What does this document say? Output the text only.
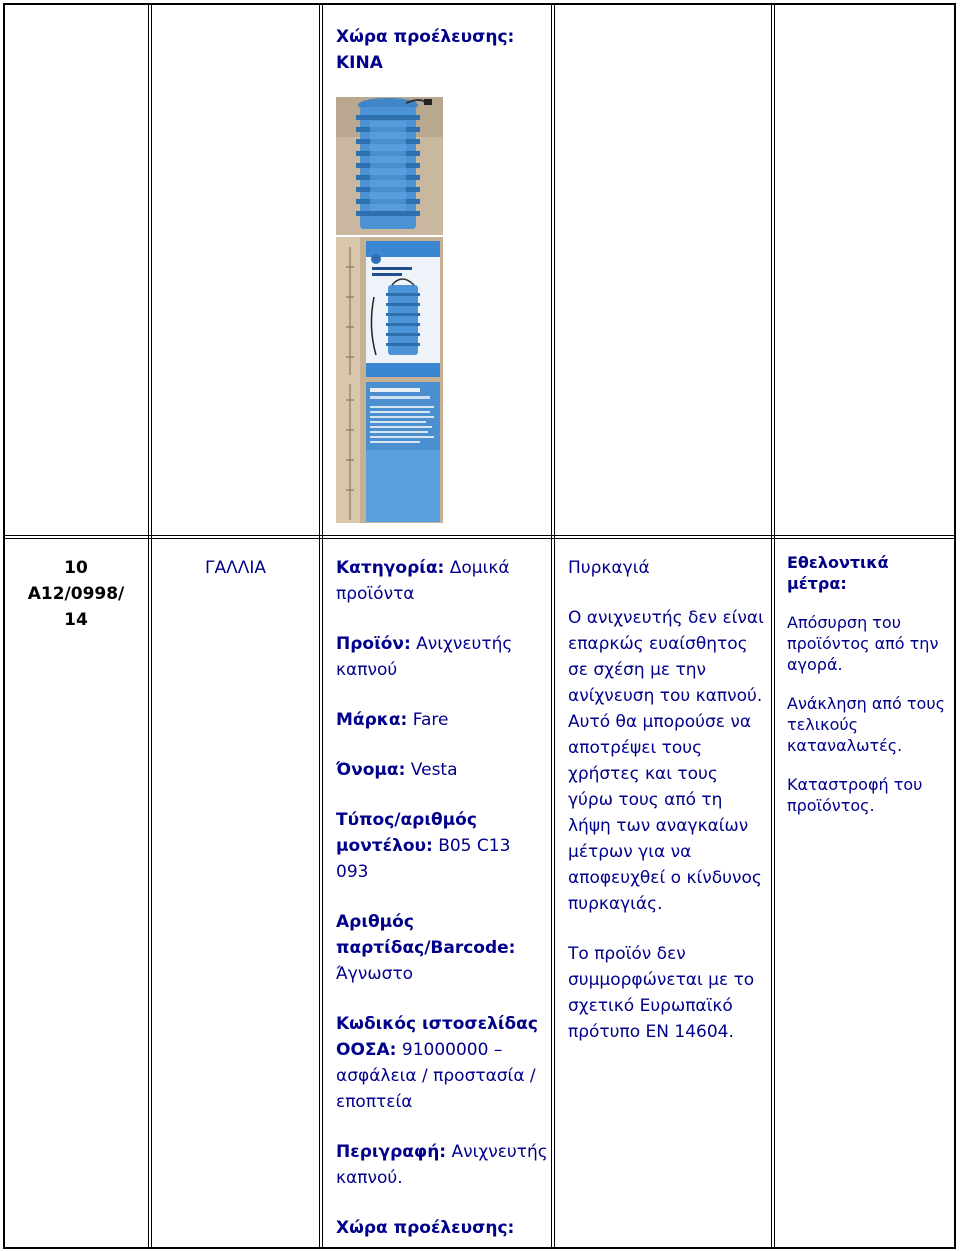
Χώρα προέλευσης:
ΚΙΝΑ
10
A12/0998/
14
ΓΑΛΛΙΑ	Κατηγορία: Δομικά προϊόντα
Προϊόν: Ανιχνευτής καπνού
Μάρκα: Fare
Όνομα: Vesta
Τύπος/αριθμός μοντέλου: B05 C13 093
Αριθμός παρτίδας/Barcode: Άγνωστο
Κωδικός ιστοσελίδας ΟΟΣΑ: 91000000 – ασφάλεια / προστασία / εποπτεία
Περιγραφή: Ανιχνευτής καπνού.
Χώρα προέλευσης:
Πυρκαγιά
Ο ανιχνευτής δεν είναι επαρκώς ευαίσθητος σε σχέση με την ανίχνευση του καπνού. Αυτό θα μπορούσε να αποτρέψει τους χρήστες και τους γύρω τους από τη λήψη των αναγκαίων μέτρων για να αποφευχθεί ο κίνδυνος πυρκαγιάς.
Το προϊόν δεν συμμορφώνεται με το σχετικό Ευρωπαϊκό πρότυπο ΕΝ 14604.
Εθελοντικά μέτρα:
Απόσυρση του προϊόντος από την αγορά.
Ανάκληση από τους τελικούς καταναλωτές.
Καταστροφή του προϊόντος.
